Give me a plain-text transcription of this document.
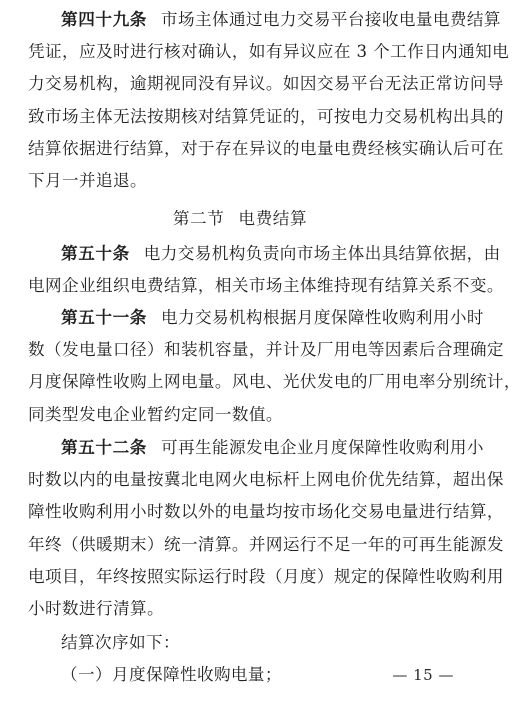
第四十九条 市场主体通过电力交易平台接收电量电费结算
凭证，应及时进行核对确认，如有异议应在 3 个工作日内通知电
力交易机构，逾期视同没有异议。如因交易平台无法正常访问导
致市场主体无法按期核对结算凭证的，可按电力交易机构出具的
结算依据进行结算，对于存在异议的电量电费经核实确认后可在
下月一并追退。
第二节 电费结算
第五十条 电力交易机构负责向市场主体出具结算依据，由
电网企业组织电费结算，相关市场主体维持现有结算关系不变。
第五十一条 电力交易机构根据月度保障性收购利用小时
数（发电量口径）和装机容量，并计及厂用电等因素后合理确定
月度保障性收购上网电量。风电、光伏发电的厂用电率分别统计，
同类型发电企业暂约定同一数值。
第五十二条 可再生能源发电企业月度保障性收购利用小
时数以内的电量按冀北电网火电标杆上网电价优先结算，超出保
障性收购利用小时数以外的电量均按市场化交易电量进行结算，
年终（供暖期末）统一清算。并网运行不足一年的可再生能源发
电项目，年终按照实际运行时段（月度）规定的保障性收购利用
小时数进行清算。
结算次序如下：
（一）月度保障性收购电量；	— 15 —
